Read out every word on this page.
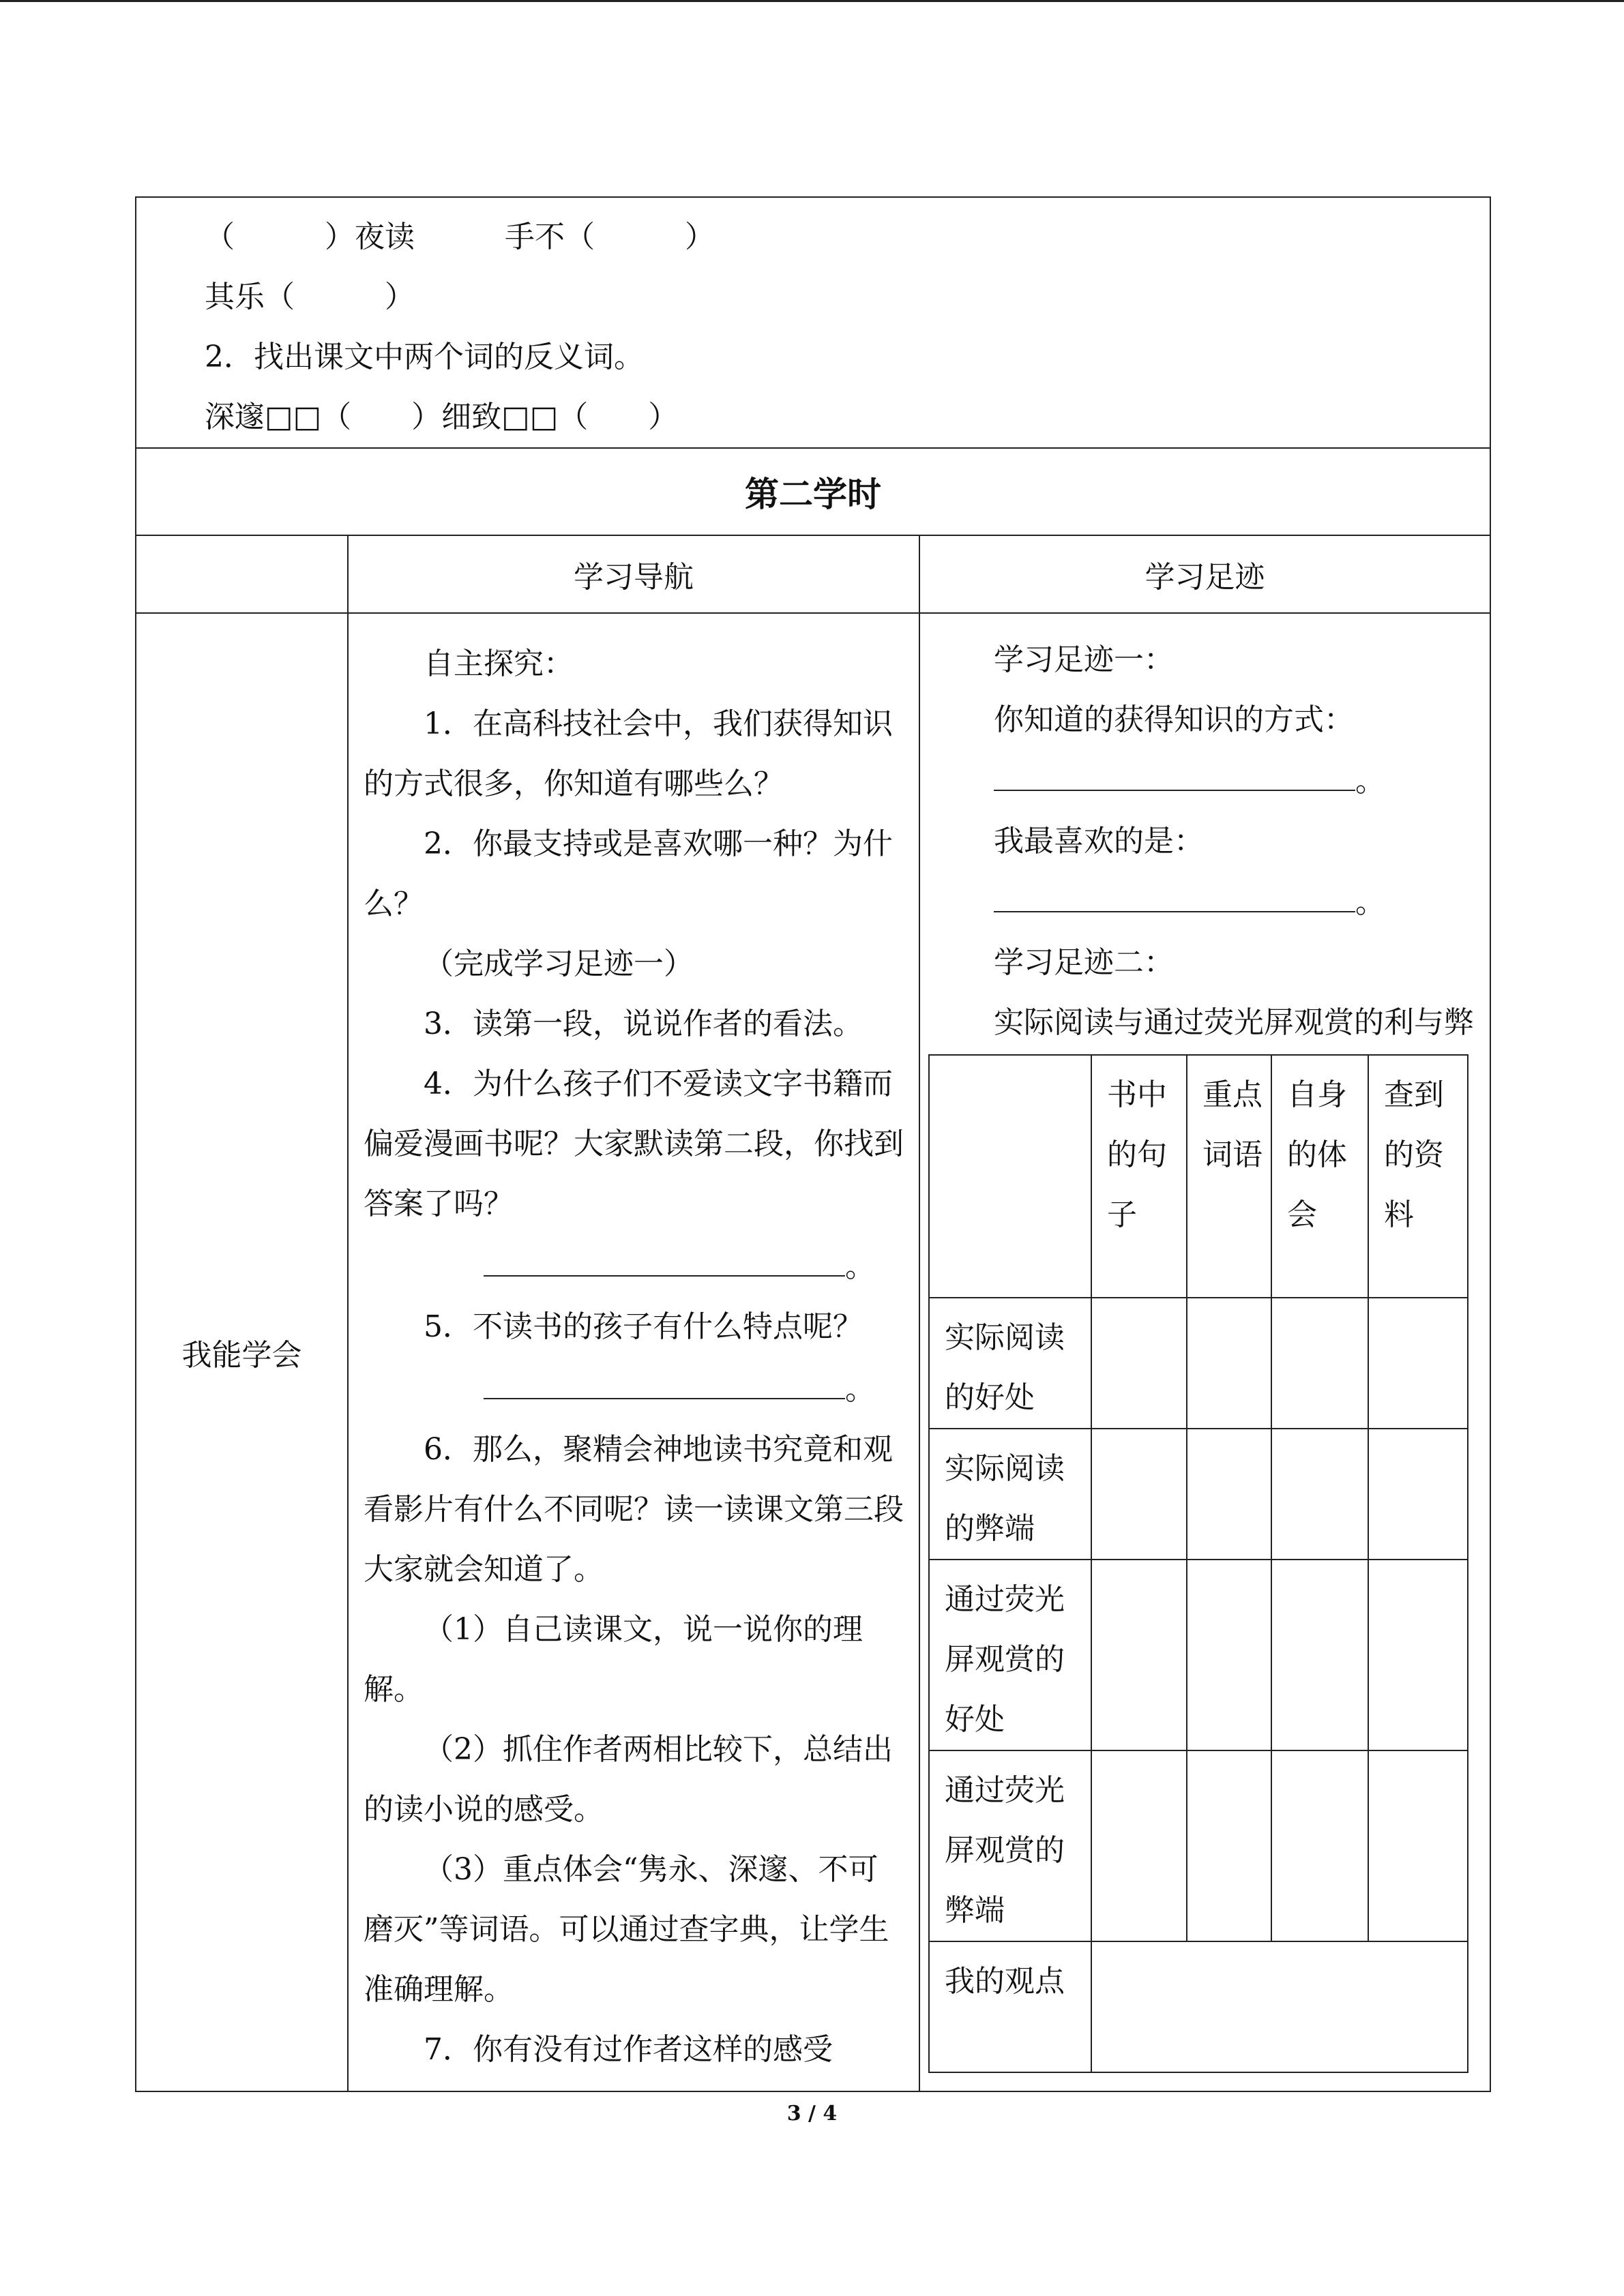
（　　　）夜读　　　手不（　　　）
其乐（　　　）
2．找出课文中两个词的反义词。
深邃□□（　　）细致□□（　　）

第二学时
	学习导航	学习足迹
我能学会	

自主探究：

1．在高科技社会中，我们获得知识的方式很多，你知道有哪些么？

2．你最支持或是喜欢哪一种？为什么？

（完成学习足迹一）

3．读第一段，说说作者的看法。

4．为什么孩子们不爱读文字书籍而偏爱漫画书呢？大家默读第二段，你找到答案了吗？

。

5．不读书的孩子有什么特点呢？

。

6．那么，聚精会神地读书究竟和观看影片有什么不同呢？读一读课文第三段大家就会知道了。

（1）自己读课文，说一说你的理解。

（2）抓住作者两相比较下，总结出的读小说的感受。

（3）重点体会“隽永、深邃、不可磨灭”等词语。可以通过查字典，让学生准确理解。

7．你有没有过作者这样的感受

学习足迹一：

你知道的获得知识的方式：

。

我最喜欢的是：

。

学习足迹二：

实际阅读与通过荧光屏观赏的利与弊

	书中的句子	重点词语	自身的体会	查到的资料
实际阅读的好处				
实际阅读的弊端				
通过荧光屏观赏的好处				
通过荧光屏观赏的弊端				
我的观点	
3 / 4
